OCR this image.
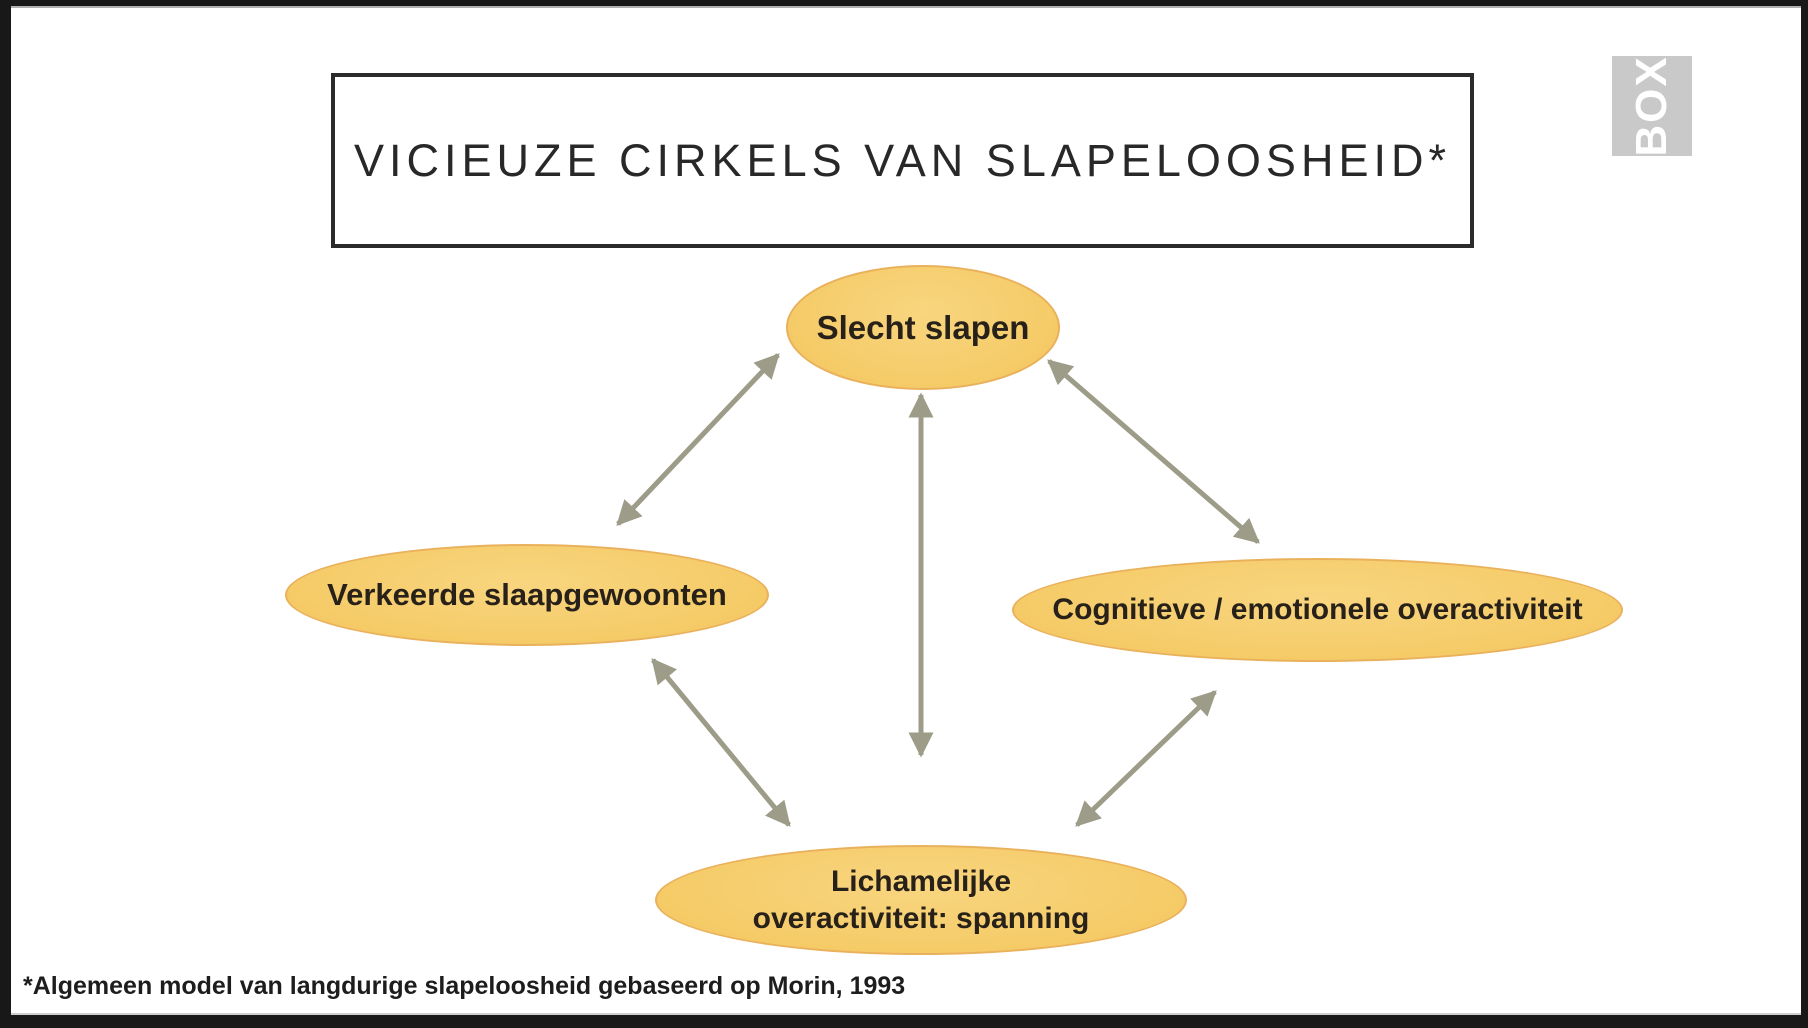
VICIEUZE CIRKELS VAN SLAPELOOSHEID*
BOX
Slecht slapen
Verkeerde slaapgewoonten	Cognitieve / emotionele overactiviteit
Lichamelijke
overactiviteit: spanning
*Algemeen model van langdurige slapeloosheid gebaseerd op Morin, 1993
